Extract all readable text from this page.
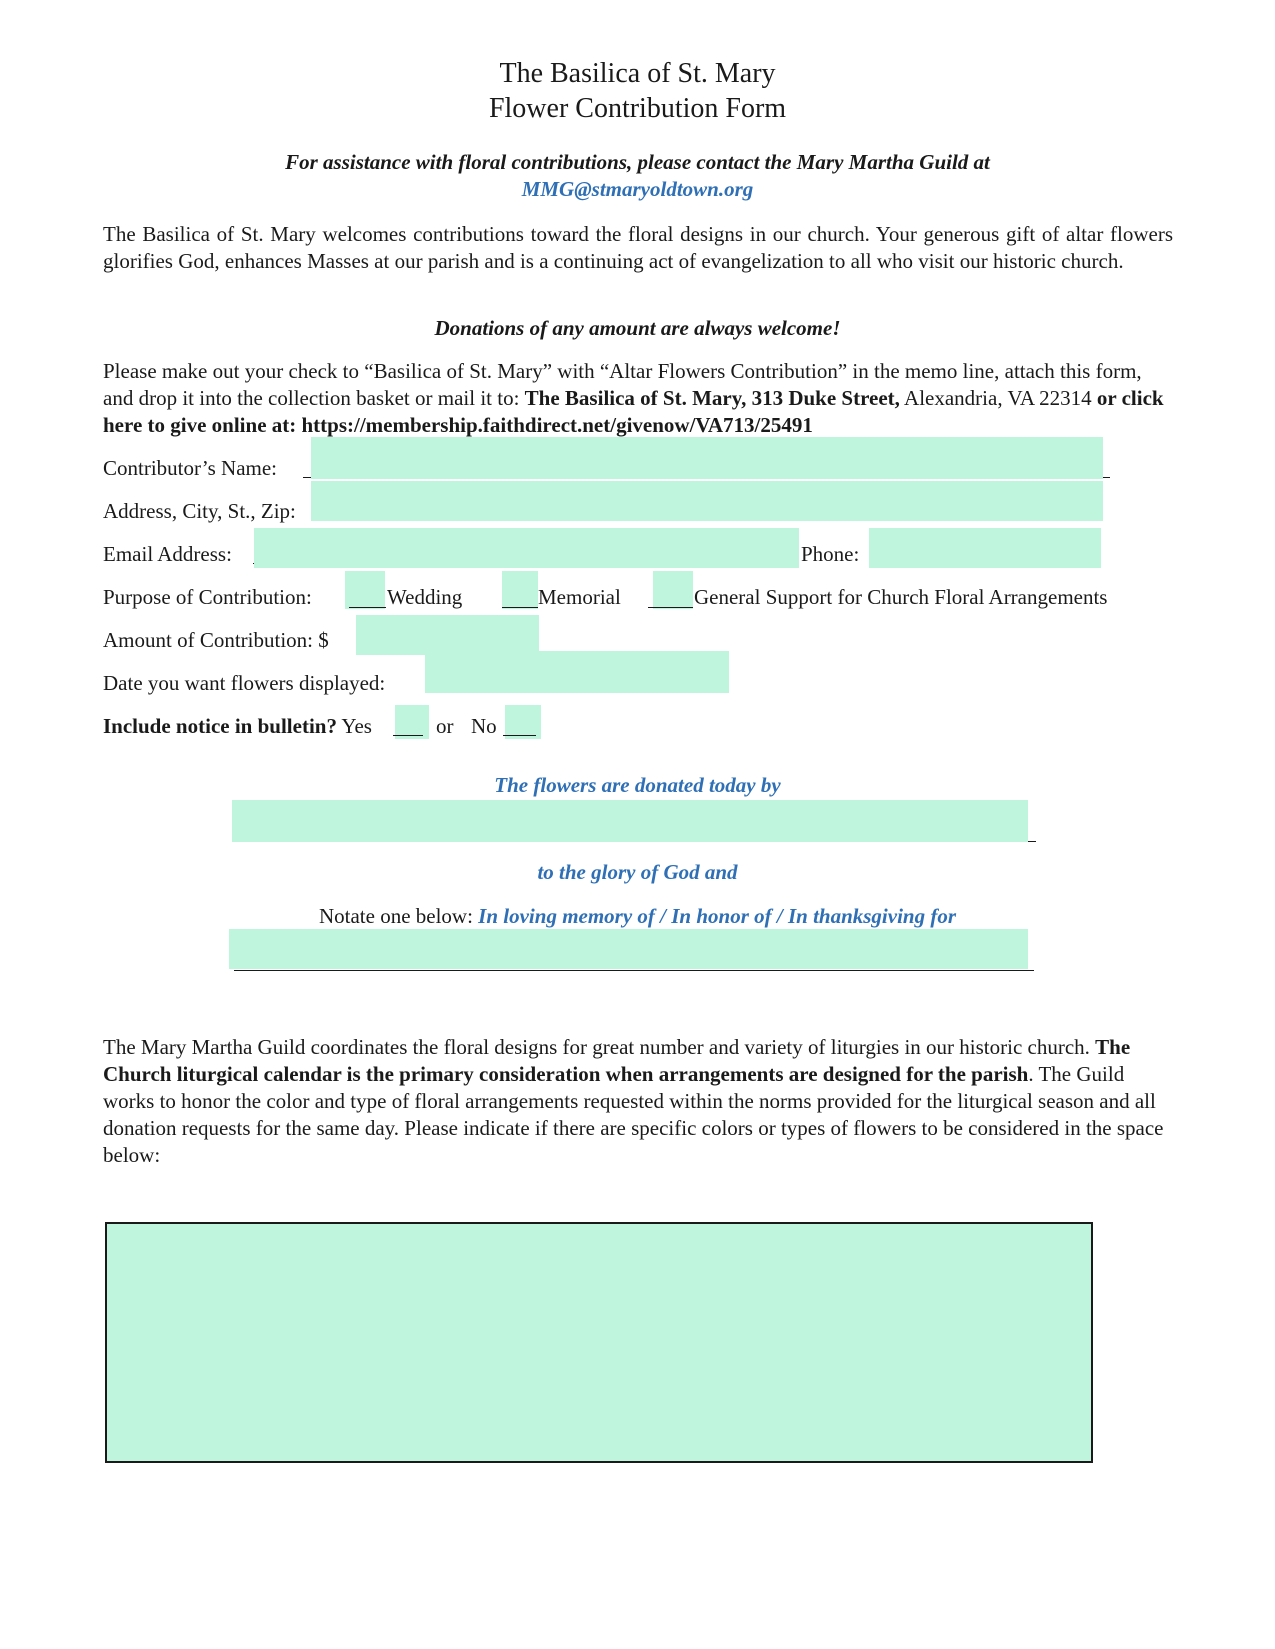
The Basilica of St. Mary
Flower Contribution Form
For assistance with floral contributions, please contact the Mary Martha Guild at
MMG@stmaryoldtown.org
The Basilica of St. Mary welcomes contributions toward the floral designs in our church. Your generous gift of altar flowers glorifies God, enhances Masses at our parish and is a continuing act of evangelization to all who visit our historic church.
Donations of any amount are always welcome!
Please make out your check to “Basilica of St. Mary” with “Altar Flowers Contribution” in the memo line, attach this form, and drop it into the collection basket or mail it to: The Basilica of St. Mary, 313 Duke Street, Alexandria, VA 22314 or click here to give online at: https://membership.faithdirect.net/givenow/VA713/25491
Contributor’s Name:
Address, City, St., Zip:
Email Address:	Phone:
Purpose of Contribution:	Wedding	Memorial	General Support for Church Floral Arrangements
Amount of Contribution: $
Date you want flowers displayed:
Include notice in bulletin? Yes	or No
The flowers are donated today by
to the glory of God and
Notate one below: In loving memory of / In honor of / In thanksgiving for
The Mary Martha Guild coordinates the floral designs for great number and variety of liturgies in our historic church. The Church liturgical calendar is the primary consideration when arrangements are designed for the parish. The Guild works to honor the color and type of floral arrangements requested within the norms provided for the liturgical season and all donation requests for the same day. Please indicate if there are specific colors or types of flowers to be considered in the space below:
